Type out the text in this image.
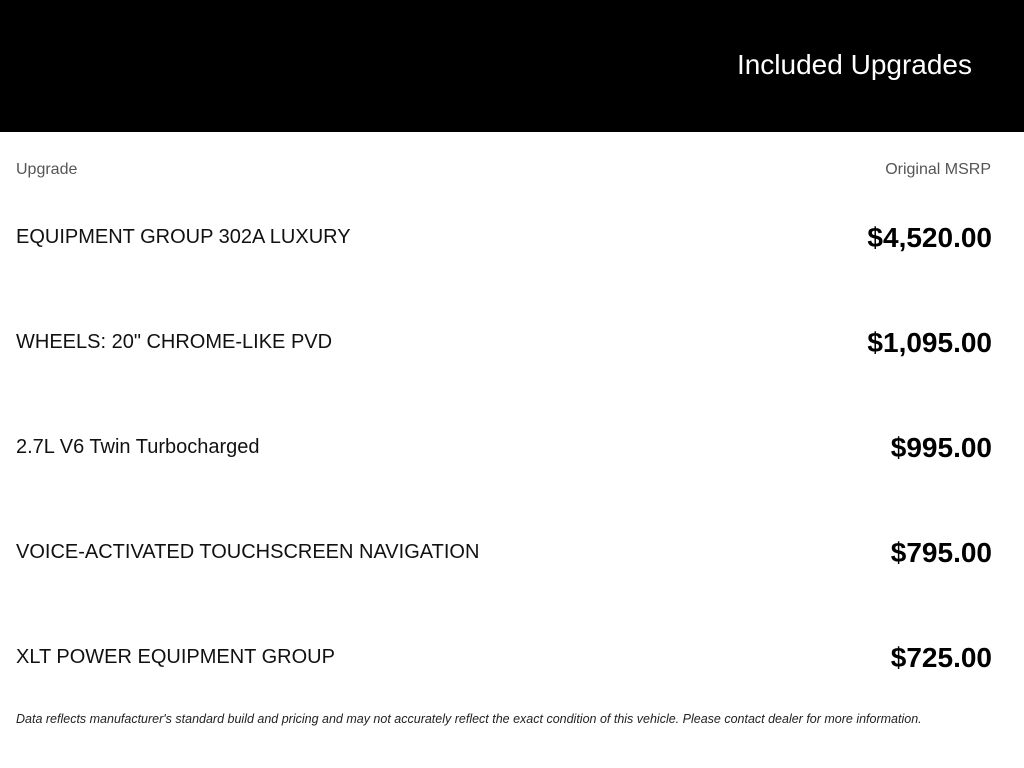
Included Upgrades
Upgrade	Original MSRP
EQUIPMENT GROUP 302A LUXURY	$4,520.00
WHEELS: 20" CHROME-LIKE PVD	$1,095.00
2.7L V6 Twin Turbocharged	$995.00
VOICE-ACTIVATED TOUCHSCREEN NAVIGATION	$795.00
XLT POWER EQUIPMENT GROUP	$725.00
Data reflects manufacturer's standard build and pricing and may not accurately reflect the exact condition of this vehicle. Please contact dealer for more information.
